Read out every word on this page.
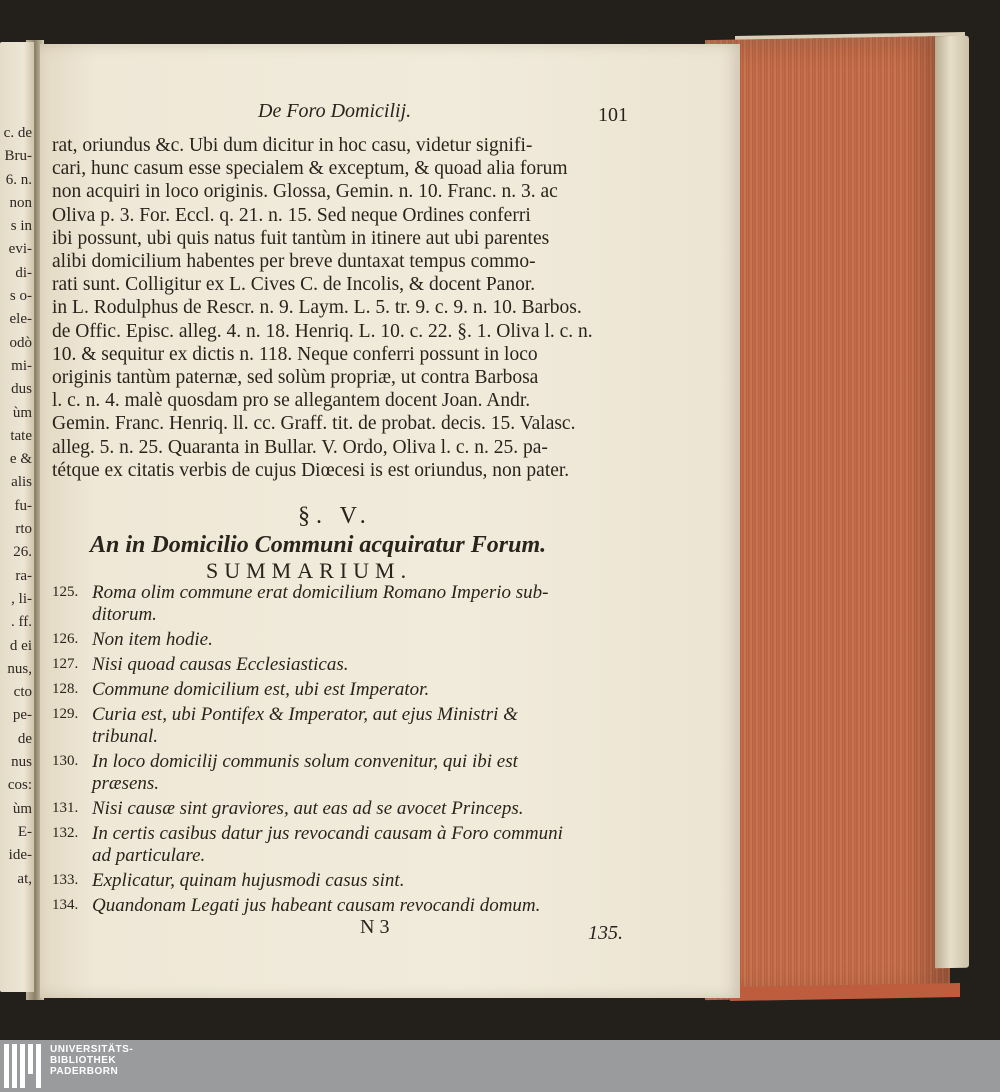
c. de
Bru-
6. n.
non
s in
evi-
di-
s o-
ele-
odò
mi-
dus
ùm
tate
e &
alis
fu-
rto
26.
ra-
, li-
. ff.
d ei
nus,
cto
pe-
de
nus
cos:
ùm
E-
ide-
at,
De Foro Domicilij.	101
rat, oriundus &c. Ubi dum dicitur in hoc casu, videtur signifi-
cari, hunc casum esse specialem & exceptum, & quoad alia forum
non acquiri in loco originis. Glossa, Gemin. n. 10. Franc. n. 3. ac
Oliva p. 3. For. Eccl. q. 21. n. 15. Sed neque Ordines conferri
ibi possunt, ubi quis natus fuit tantùm in itinere aut ubi parentes
alibi domicilium habentes per breve duntaxat tempus commo-
rati sunt. Colligitur ex L. Cives C. de Incolis, & docent Panor.
in L. Rodulphus de Rescr. n. 9. Laym. L. 5. tr. 9. c. 9. n. 10. Barbos.
de Offic. Episc. alleg. 4. n. 18. Henriq. L. 10. c. 22. §. 1. Oliva l. c. n.
10. & sequitur ex dictis n. 118. Neque conferri possunt in loco
originis tantùm paternæ, sed solùm propriæ, ut contra Barbosa
l. c. n. 4. malè quosdam pro se allegantem docent Joan. Andr.
Gemin. Franc. Henriq. ll. cc. Graff. tit. de probat. decis. 15. Valasc.
alleg. 5. n. 25. Quaranta in Bullar. V. Ordo, Oliva l. c. n. 25. pa-
tétque ex citatis verbis de cujus Diœcesi is est oriundus, non pater.
§. V.
An in Domicilio Communi acquiratur Forum.
SUMMARIUM.
125. Roma olim commune erat domicilium Romano Imperio sub-
ditorum.
126. Non item hodie.
127. Nisi quoad causas Ecclesiasticas.
128. Commune domicilium est, ubi est Imperator.
129. Curia est, ubi Pontifex & Imperator, aut ejus Ministri &
tribunal.
130. In loco domicilij communis solum convenitur, qui ibi est
præsens.
131. Nisi causæ sint graviores, aut eas ad se avocet Princeps.
132. In certis casibus datur jus revocandi causam à Foro communi
ad particulare.
133. Explicatur, quinam hujusmodi casus sint.
134. Quandonam Legati jus habeant causam revocandi domum.
N 3	135.
UNIVERSITÄTS-
BIBLIOTHEK
PADERBORN
